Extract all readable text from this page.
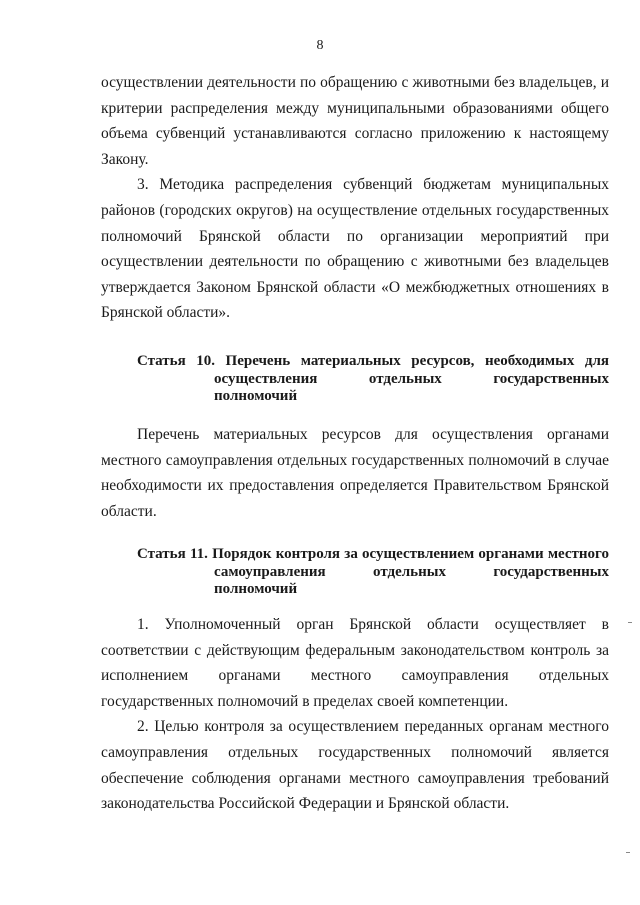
8

осуществлении деятельности по обращению с животными без владельцев, и критерии распределения между муниципальными образованиями общего объема субвенций устанавливаются согласно приложению к настоящему Закону.

3. Методика распределения субвенций бюджетам муниципальных районов (городских округов) на осуществление отдельных государственных полномочий Брянской области по организации мероприятий при осуществлении деятельности по обращению с животными без владельцев утверждается Законом Брянской области «О межбюджетных отношениях в Брянской области».

Статья 10. Перечень материальных ресурсов, необходимых для
осуществления отдельных государственных
полномочий

Перечень материальных ресурсов для осуществления органами местного самоуправления отдельных государственных полномочий в случае необходимости их предоставления определяется Правительством Брянской области.

Статья 11. Порядок контроля за осуществлением органами местного
самоуправления отдельных государственных
полномочий

1. Уполномоченный орган Брянской области осуществляет в соответствии с действующим федеральным законодательством контроль за исполнением органами местного самоуправления отдельных государственных полномочий в пределах своей компетенции.

2. Целью контроля за осуществлением переданных органам местного самоуправления отдельных государственных полномочий является обеспечение соблюдения органами местного самоуправления требований законодательства Российской Федерации и Брянской области.
